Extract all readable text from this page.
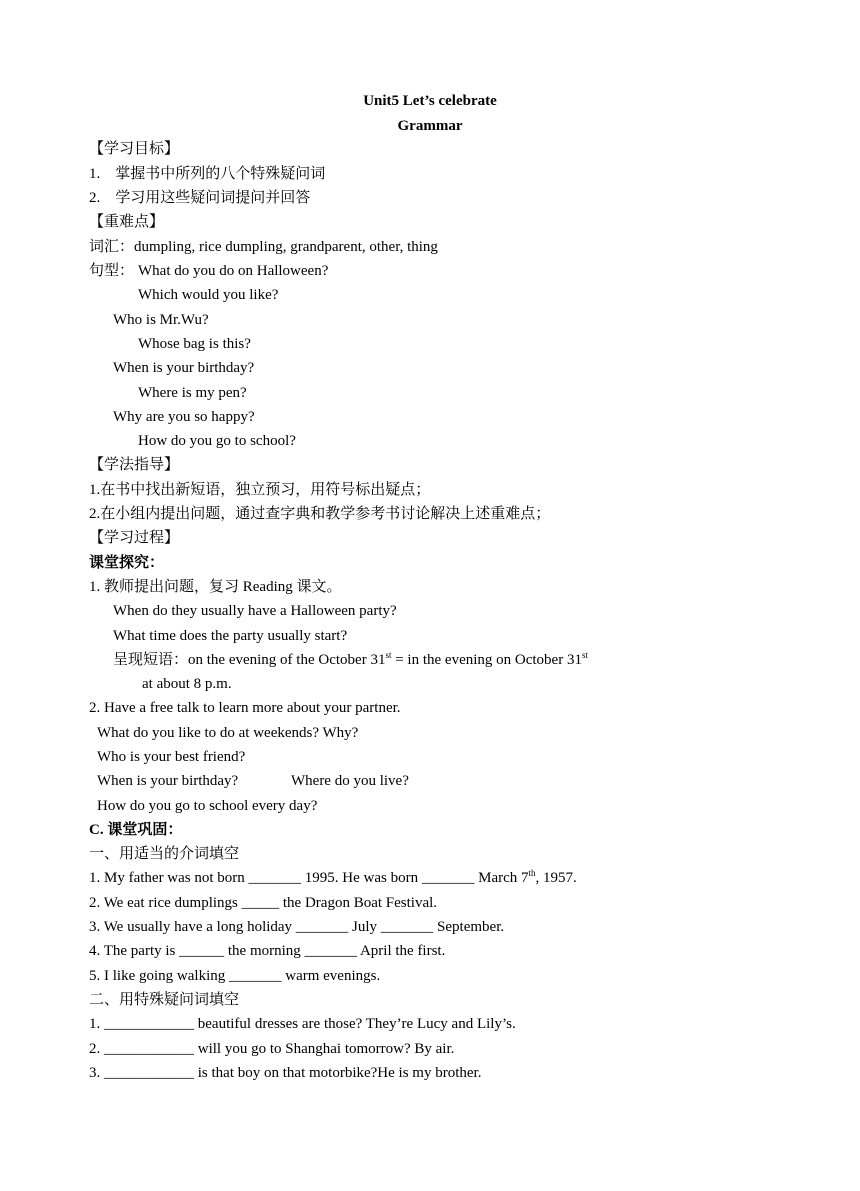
Unit5 Let’s celebrate
Grammar
【学习目标】
1.    掌握书中所列的八个特殊疑问词
2.    学习用这些疑问词提问并回答
【重难点】
词汇：dumpling, rice dumpling, grandparent, other, thing
句型： What do you do on Halloween?
Which would you like?
Who is Mr.Wu?
Whose bag is this?
When is your birthday?
Where is my pen?
Why are you so happy?
How do you go to school?
【学法指导】
1.在书中找出新短语，独立预习，用符号标出疑点；
2.在小组内提出问题，通过查字典和教学参考书讨论解决上述重难点；
【学习过程】
课堂探究：
1. 教师提出问题，复习 Reading 课文。
When do they usually have a Halloween party?
What time does the party usually start?
呈现短语：on the evening of the October 31st = in the evening on October 31st
at about 8 p.m.
2. Have a free talk to learn more about your partner.
What do you like to do at weekends? Why?
Who is your best friend?
When is your birthday?	Where do you live?
How do you go to school every day?
C. 课堂巩固：
一、用适当的介词填空
1. My father was not born _______ 1995. He was born _______ March 7th, 1957.
2. We eat rice dumplings _____ the Dragon Boat Festival.
3. We usually have a long holiday _______ July _______ September.
4. The party is ______ the morning _______ April the first.
5. I like going walking _______ warm evenings.
二、用特殊疑问词填空
1. ____________ beautiful dresses are those? They’re Lucy and Lily’s.
2. ____________ will you go to Shanghai tomorrow? By air.
3. ____________ is that boy on that motorbike?He is my brother.
